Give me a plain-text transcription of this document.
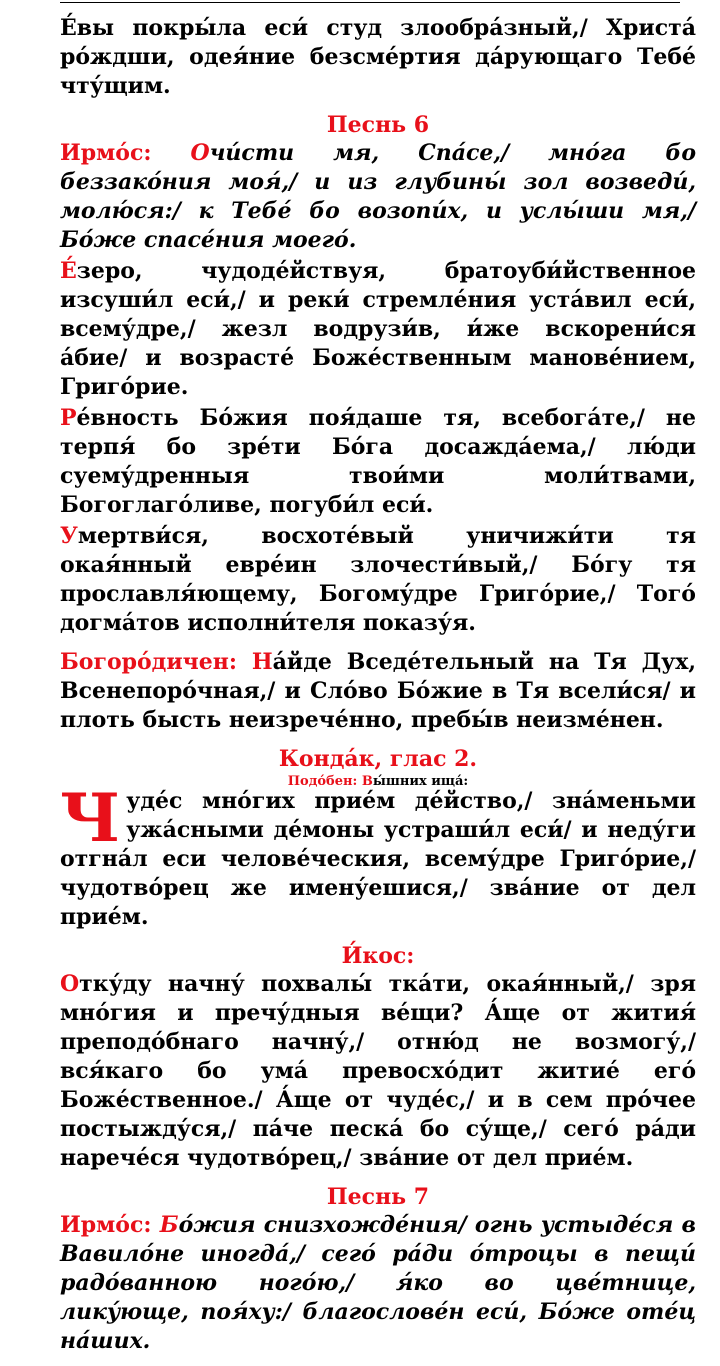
Е́вы покры́ла еси́ студ злообра́зный,/ Христа́ ро́ждши, одея́ние безсме́ртия да́рующаго Тебе́ чту́щим.

Песнь 6

Ирмо́с: Очи́сти мя, Спа́се,/ мно́га бо беззако́ния моя́,/ и из глубины́ зол возведи́, молю́ся:/ к Тебе́ бо возопи́х, и услы́ши мя,/ Бо́же спасе́ния моего́.

Е́зеро, чудоде́йствуя, братоуби́йственное изсуши́л еси́,/ и реки́ стремле́ния уста́вил еси́, всему́дре,/ жезл водрузи́в, и́же вскорени́ся а́бие/ и возрасте́ Боже́ственным манове́нием, Григо́рие.

Ре́вность Бо́жия поя́даше тя, всебога́те,/ не терпя́ бо зре́ти Бо́га досажда́ема,/ лю́ди суему́дренныя твои́ми моли́твами, Богоглаго́ливе, погуби́л еси́.

Умертви́ся, восхоте́вый уничижи́ти тя окая́нный евре́ин злочести́вый,/ Бо́гу тя прославля́ющему, Богому́дре Григо́рие,/ Того́ догма́тов исполни́теля показу́я.

Богоро́дичен: На́йде Вседе́тельный на Тя Дух, Всенепоро́чная,/ и Сло́во Бо́жие в Тя всели́ся/ и плоть бысть неизрече́нно, пребы́в неизме́нен.

Конда́к, глас 2.
Подо́бен: Вы́шних ища́:

Чуде́с мно́гих прие́м де́йство,/ зна́меньми ужа́сными де́моны устраши́л еси́/ и неду́ги отгна́л еси челове́ческия, всему́дре Григо́рие,/ чудотво́рец же имену́ешися,/ зва́ние от дел прие́м.

И́кос:

Отку́ду начну́ похвалы́ тка́ти, окая́нный,/ зря мно́гия и пречу́дныя ве́щи? А́ще от жития́ преподо́бнаго начну́,/ отню́д не возмогу́,/ вся́каго бо ума́ превосхо́дит житие́ его́ Боже́ственное./ А́ще от чуде́с,/ и в сем про́чее постыжду́ся,/ па́че песка́ бо су́ще,/ сего́ ра́ди нарече́ся чудотво́рец,/ зва́ние от дел прие́м.

Песнь 7

Ирмо́с: Бо́жия снизхожде́ния/ огнь устыде́ся в Вавило́не иногда́,/ сего́ ра́ди о́троцы в пещи́ радо́ванною ного́ю,/ я́ко во цве́тнице, лику́юще, поя́ху:/ благослове́н еси́, Бо́же оте́ц на́ших.
